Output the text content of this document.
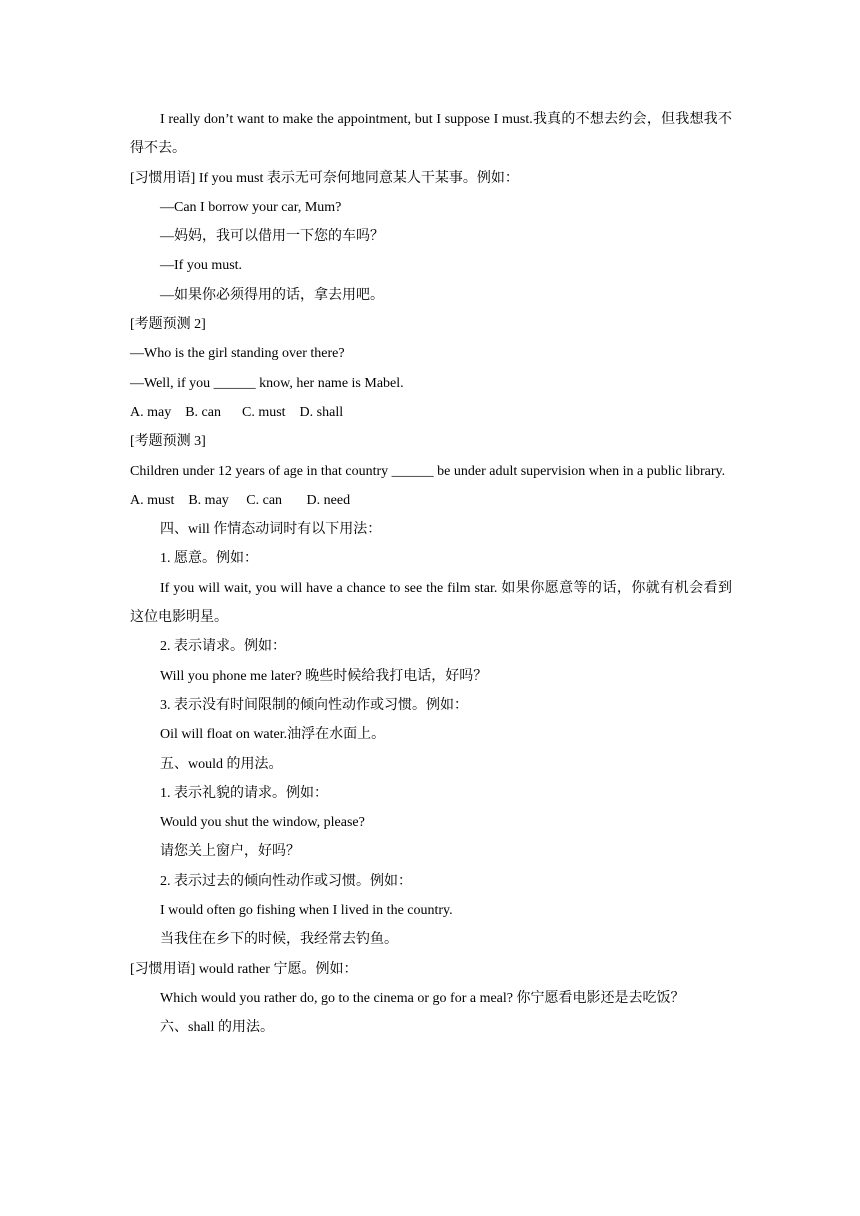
I really don’t want to make the appointment, but I suppose I must.我真的不想去约会，但我想我不得不去。
[习惯用语] If you must 表示无可奈何地同意某人干某事。例如：
—Can I borrow your car, Mum?
—妈妈，我可以借用一下您的车吗？
—If you must.
—如果你必须得用的话，拿去用吧。
[考题预测 2]
—Who is the girl standing over there?
—Well, if you ______ know, her name is Mabel.
A. may    B. can      C. must    D. shall
[考题预测 3]
Children under 12 years of age in that country ______ be under adult supervision when in a public library.
A. must    B. may     C. can       D. need
四、will 作情态动词时有以下用法：
1. 愿意。例如：
If you will wait, you will have a chance to see the film star. 如果你愿意等的话，你就有机会看到这位电影明星。
2. 表示请求。例如：
Will you phone me later? 晚些时候给我打电话，好吗？
3. 表示没有时间限制的倾向性动作或习惯。例如：
Oil will float on water.油浮在水面上。
五、would 的用法。
1. 表示礼貌的请求。例如：
Would you shut the window, please?
请您关上窗户，好吗？
2. 表示过去的倾向性动作或习惯。例如：
I would often go fishing when I lived in the country.
当我住在乡下的时候，我经常去钓鱼。
[习惯用语] would rather 宁愿。例如：
Which would you rather do, go to the cinema or go for a meal? 你宁愿看电影还是去吃饭？
六、shall 的用法。
